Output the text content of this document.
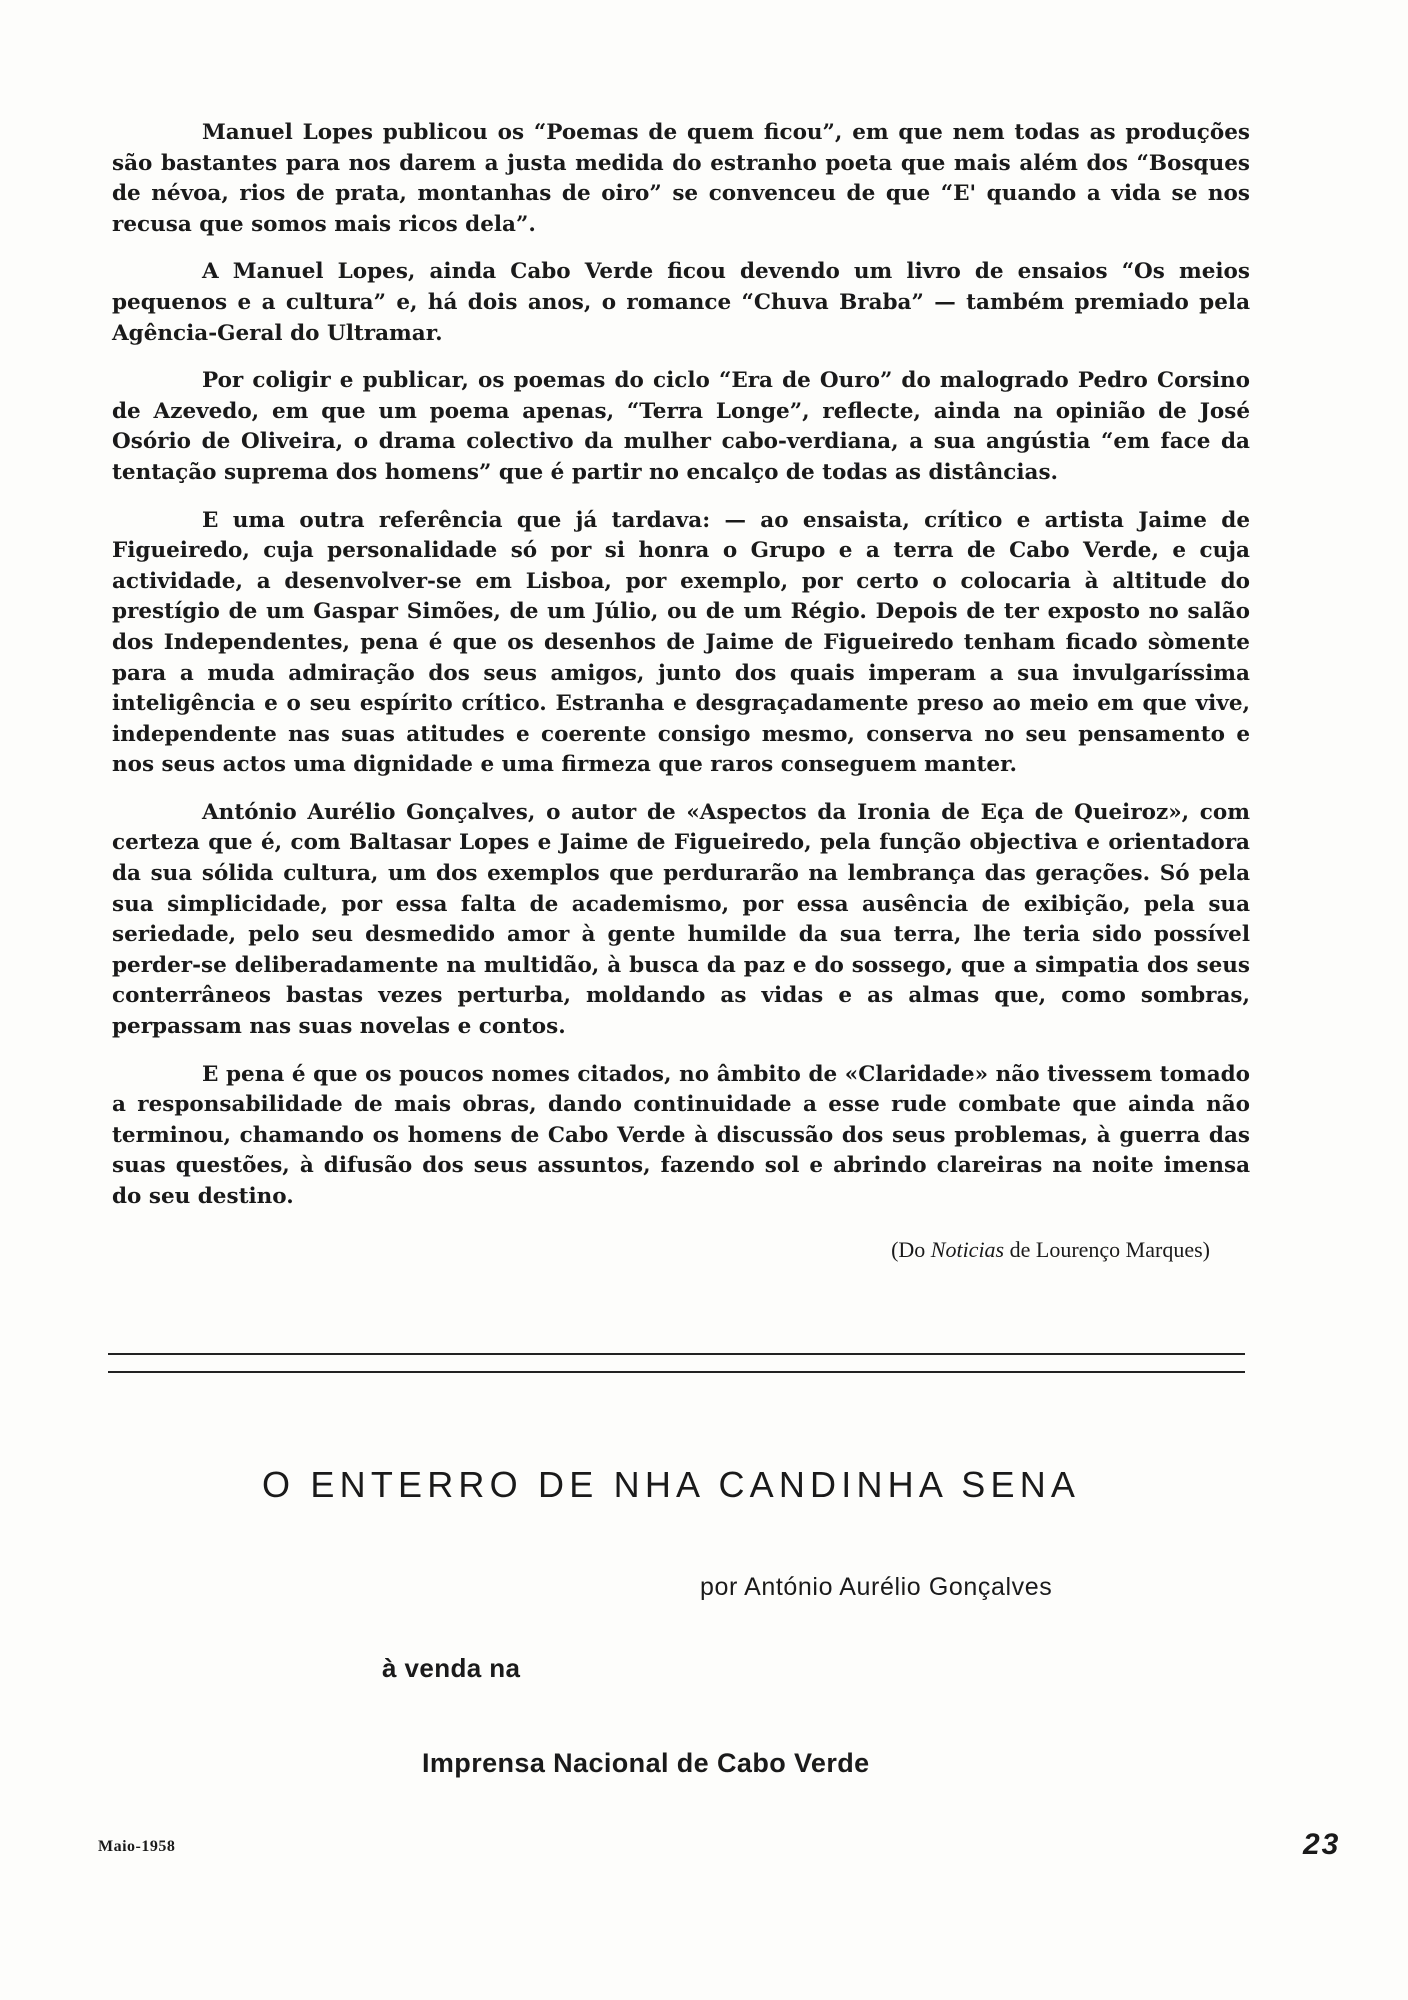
Manuel Lopes publicou os “Poemas de quem ficou”, em que nem todas as produções são bastantes para nos darem a justa medida do estranho poeta que mais além dos “Bosques de névoa, rios de prata, montanhas de oiro” se convenceu de que “E' quando a vida se nos recusa que somos mais ricos dela”.

A Manuel Lopes, ainda Cabo Verde ficou devendo um livro de ensaios “Os meios pequenos e a cultura” e, há dois anos, o romance “Chuva Braba” — também premiado pela Agência-Geral do Ultramar.

Por coligir e publicar, os poemas do ciclo “Era de Ouro” do malogrado Pedro Corsino de Azevedo, em que um poema apenas, “Terra Longe”, reflecte, ainda na opinião de José Osório de Oliveira, o drama colectivo da mulher cabo-verdiana, a sua angústia “em face da tentação suprema dos homens” que é partir no encalço de todas as distâncias.

E uma outra referência que já tardava: — ao ensaista, crítico e artista Jaime de Figueiredo, cuja personalidade só por si honra o Grupo e a terra de Cabo Verde, e cuja actividade, a desenvolver-se em Lisboa, por exemplo, por certo o colocaria à altitude do prestígio de um Gaspar Simões, de um Júlio, ou de um Régio. Depois de ter exposto no salão dos Independentes, pena é que os desenhos de Jaime de Figueiredo tenham ficado sòmente para a muda admiração dos seus amigos, junto dos quais imperam a sua invulgaríssima inteligência e o seu espírito crítico. Estranha e desgraçadamente preso ao meio em que vive, independente nas suas atitudes e coerente consigo mesmo, conserva no seu pensamento e nos seus actos uma dignidade e uma firmeza que raros conseguem manter.

António Aurélio Gonçalves, o autor de «Aspectos da Ironia de Eça de Queiroz», com certeza que é, com Baltasar Lopes e Jaime de Figueiredo, pela função objectiva e orientadora da sua sólida cultura, um dos exemplos que perdurarão na lembrança das gerações. Só pela sua simplicidade, por essa falta de academismo, por essa ausência de exibição, pela sua seriedade, pelo seu desmedido amor à gente humilde da sua terra, lhe teria sido possível perder-se deliberadamente na multidão, à busca da paz e do sossego, que a simpatia dos seus conterrâneos bastas vezes perturba, moldando as vidas e as almas que, como sombras, perpassam nas suas novelas e contos.

E pena é que os poucos nomes citados, no âmbito de «Claridade» não tivessem tomado a responsabilidade de mais obras, dando continuidade a esse rude combate que ainda não terminou, chamando os homens de Cabo Verde à discussão dos seus problemas, à guerra das suas questões, à difusão dos seus assuntos, fazendo sol e abrindo clareiras na noite imensa do seu destino.

(Do Noticias de Lourenço Marques)
O ENTERRO DE NHA CANDINHA SENA
por António Aurélio Gonçalves
à venda na
Imprensa Nacional de Cabo Verde
Maio-1958	23
